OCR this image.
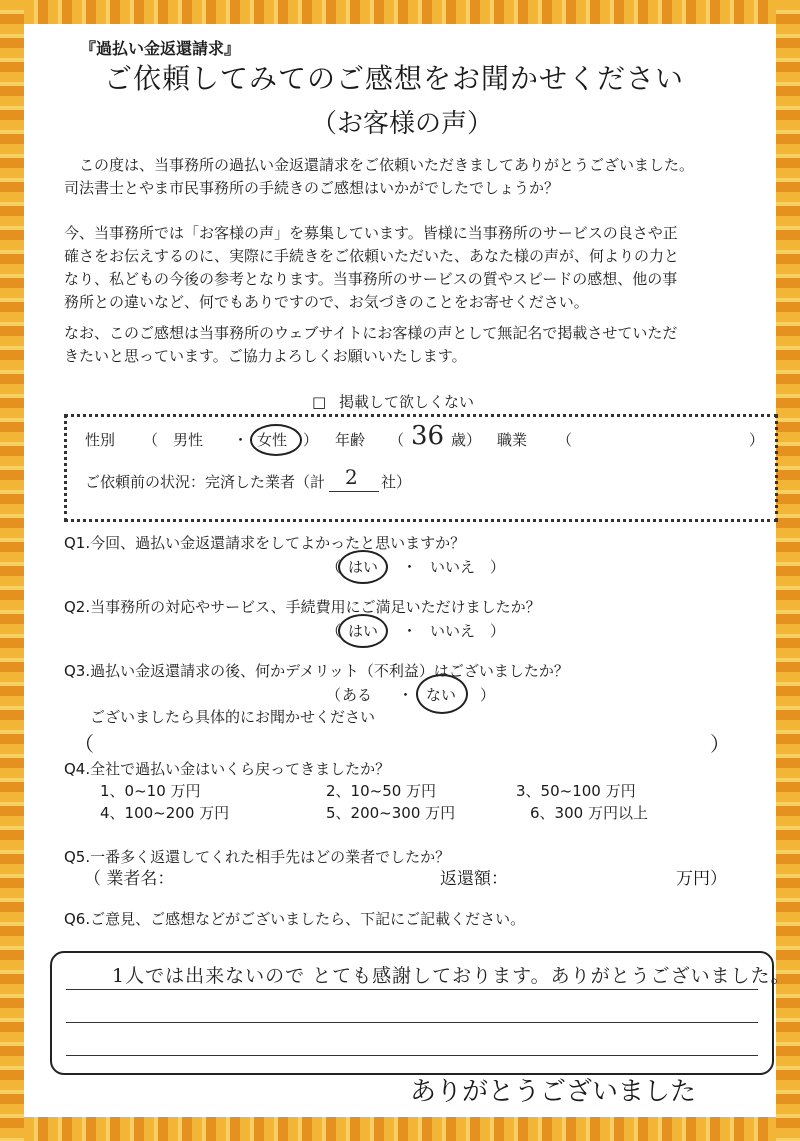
『過払い金返還請求』
ご依頼してみてのご感想をお聞かせください
（お客様の声）
　この度は、当事務所の過払い金返還請求をご依頼いただきましてありがとうございました。
司法書士とやま市民事務所の手続きのご感想はいかがでしたでしょうか？
今、当事務所では「お客様の声」を募集しています。皆様に当事務所のサービスの良さや正
確さをお伝えするのに、実際に手続きをご依頼いただいた、あなた様の声が、何よりの力と
なり、私どもの今後の参考となります。当事務所のサービスの質やスピードの感想、他の事
務所との違いなど、何でもありですので、お気づきのことをお寄せください。
なお、このご感想は当事務所のウェブサイトにお客様の声として無記名で掲載させていただ
きたいと思っています。ご協力よろしくお願いいたします。
□ 掲載して欲しくない
性別 （ 男性 ・ 女性 ） 年齢 （ 36 歳） 職業 （	）
ご依頼前の状況：完済した業者（計 2 社）
Q1.今回、過払い金返還請求をしてよかったと思いますか？
（ はい ・ いいえ ）
Q2.当事務所の対応やサービス、手続費用にご満足いただけましたか？
（ はい ・ いいえ ）
Q3.過払い金返還請求の後、何かデメリット（不利益）はございましたか？
（ ある ・ ない ）
ございましたら具体的にお聞かせください
（	）
Q4.全社で過払い金はいくら戻ってきましたか？
1、0~10 万円	2、10~50 万円	3、50~100 万円
4、100~200 万円	5、200~300 万円	6、300 万円以上
Q5.一番多く返還してくれた相手先はどの業者でしたか？
（ 業者名：	返還額：	万円）
Q6.ご意見、ご感想などがございましたら、下記にご記載ください。
1人では出来ないので とても感謝しております。ありがとうございました。
ありがとうございました
